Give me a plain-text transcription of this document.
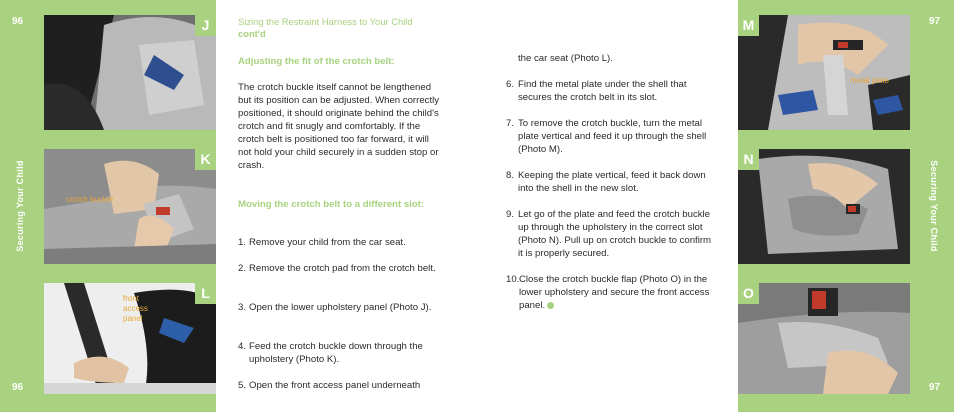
96
96
Securing Your Child
J
K
crotch buckle
L
front
access
panel
97
97
Securing Your Child
M
metal plate
N
O
Sizing the Restraint Harness to Your Child
cont'd
Adjusting the fit of the crotch belt:
The crotch buckle itself cannot be lengthened but its position can be adjusted. When correctly positioned, it should originate behind the child's crotch and fit snugly and comfortably. If the crotch belt is positioned too far forward, it will not hold your child securely in a sudden stop or crash.
Moving the crotch belt to a different slot:
1. Remove your child from the car seat.
2. Remove the crotch pad from the crotch belt.
3. Open the lower upholstery panel (Photo J).
4. Feed the crotch buckle down through the upholstery (Photo K).
5. Open the front access panel underneath
the car seat (Photo L).
6. Find the metal plate under the shell that secures the crotch belt in its slot.
7. To remove the crotch buckle, turn the metal plate vertical and feed it up through the shell (Photo M).
8. Keeping the plate vertical, feed it back down into the shell in the new slot.
9. Let go of the plate and feed the crotch buckle up through the upholstery in the correct slot (Photo N). Pull up on crotch buckle to confirm it is properly secured.
10. Close the crotch buckle flap (Photo O) in the lower upholstery and secure the front access panel.
